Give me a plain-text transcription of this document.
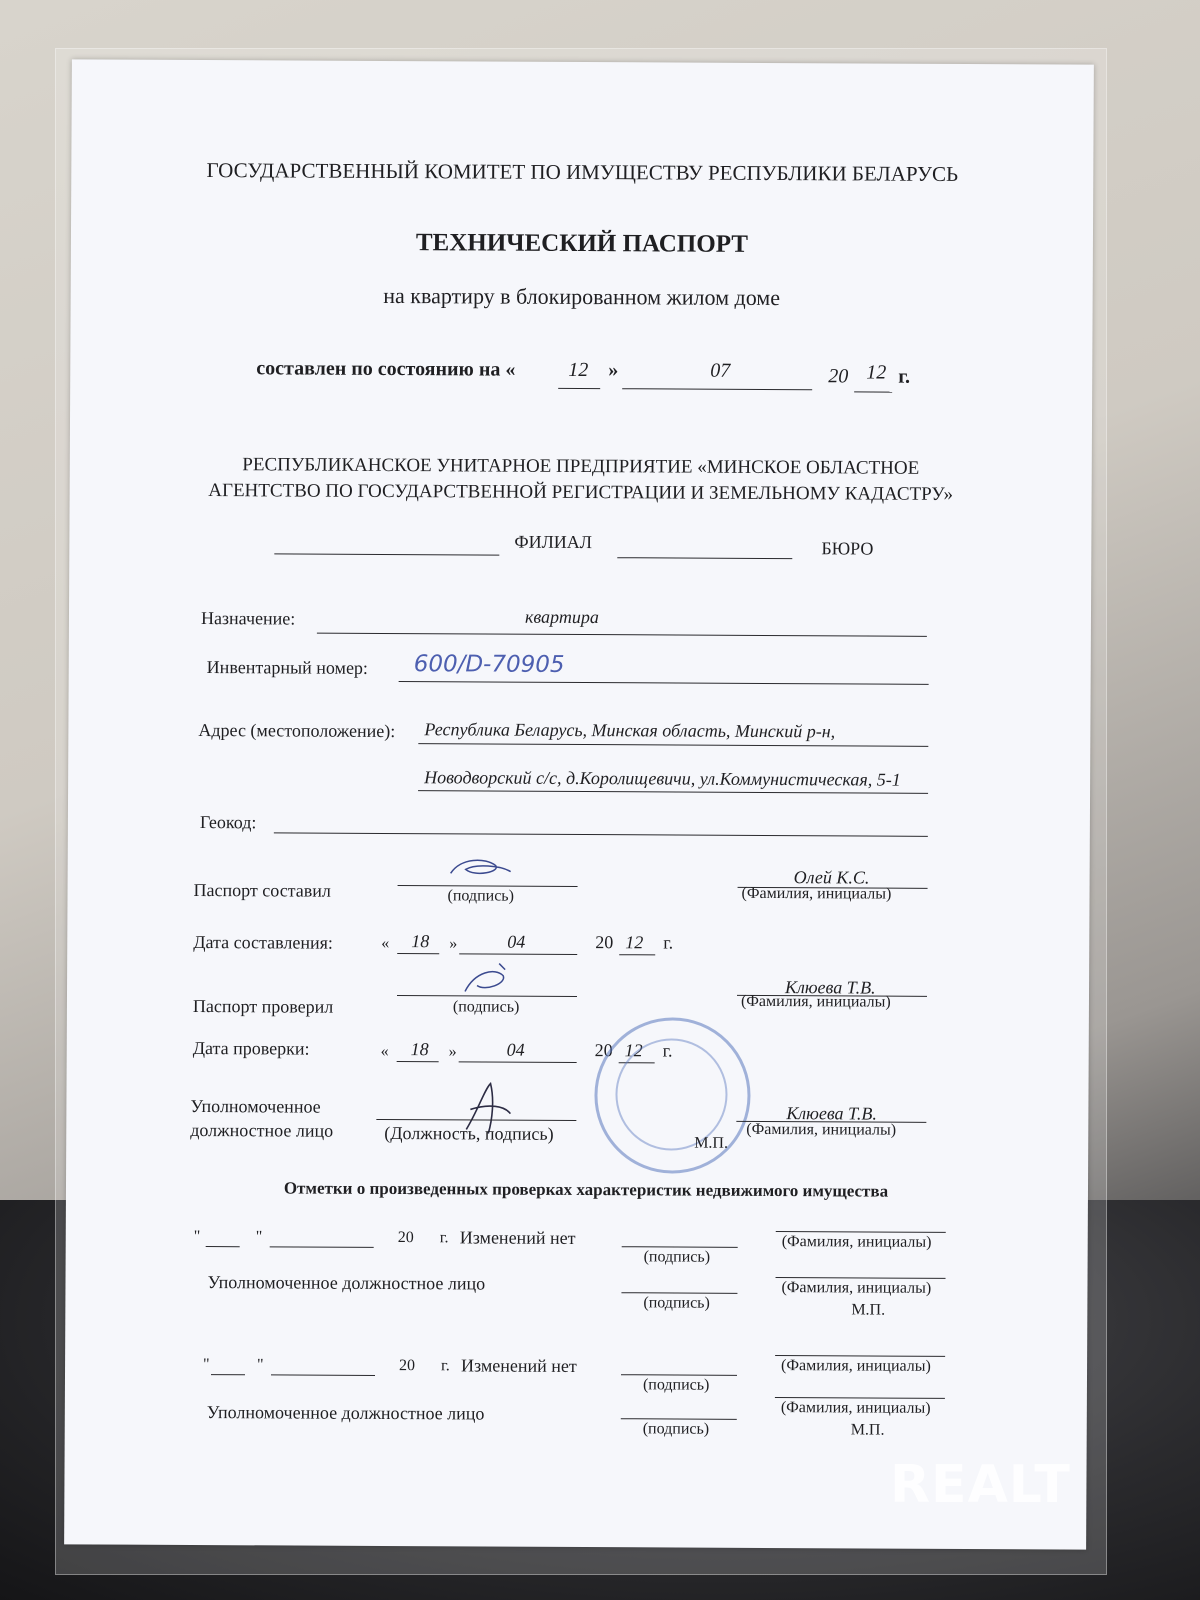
ГОСУДАРСТВЕННЫЙ КОМИТЕТ ПО ИМУЩЕСТВУ РЕСПУБЛИКИ БЕЛАРУСЬ
ТЕХНИЧЕСКИЙ ПАСПОРТ
на квартиру в блокированном жилом доме
составлен по состоянию на «	12 »	07	20 12 г.
РЕСПУБЛИКАНСКОЕ УНИТАРНОЕ ПРЕДПРИЯТИЕ «МИНСКОЕ ОБЛАСТНОЕ
АГЕНТСТВО ПО ГОСУДАРСТВЕННОЙ РЕГИСТРАЦИИ И ЗЕМЕЛЬНОМУ КАДАСТРУ»
ФИЛИАЛ	БЮРО
Назначение:	квартира
Инвентарный номер: 600/D-70905
Адрес (местоположение): Республика Беларусь, Минская область, Минский р-н,
Новодворский с/с, д.Королищевичи, ул.Коммунистическая, 5-1
Геокод:
Паспорт составил	(подпись)
Олей К.С.
(Фамилия, инициалы)
Дата составления:	« 18 »	04	20 12 г.
Паспорт проверил	(подпись)
Клюева Т.В.
(Фамилия, инициалы)
Дата проверки:	« 18 »	04	20 12 г.
Уполномоченное
должностное лицо	(Должность, подпись)	М.П.
Клюева Т.В.
(Фамилия, инициалы)
Отметки о произведенных проверках характеристик недвижимого имущества
"	"	20 г. Изменений нет
(подпись)
(Фамилия, инициалы)
Уполномоченное должностное лицо
(подпись)
(Фамилия, инициалы)
М.П.
"	"	20 г. Изменений нет
(подпись)
(Фамилия, инициалы)
Уполномоченное должностное лицо
(подпись)
(Фамилия, инициалы)
М.П.
REALT
